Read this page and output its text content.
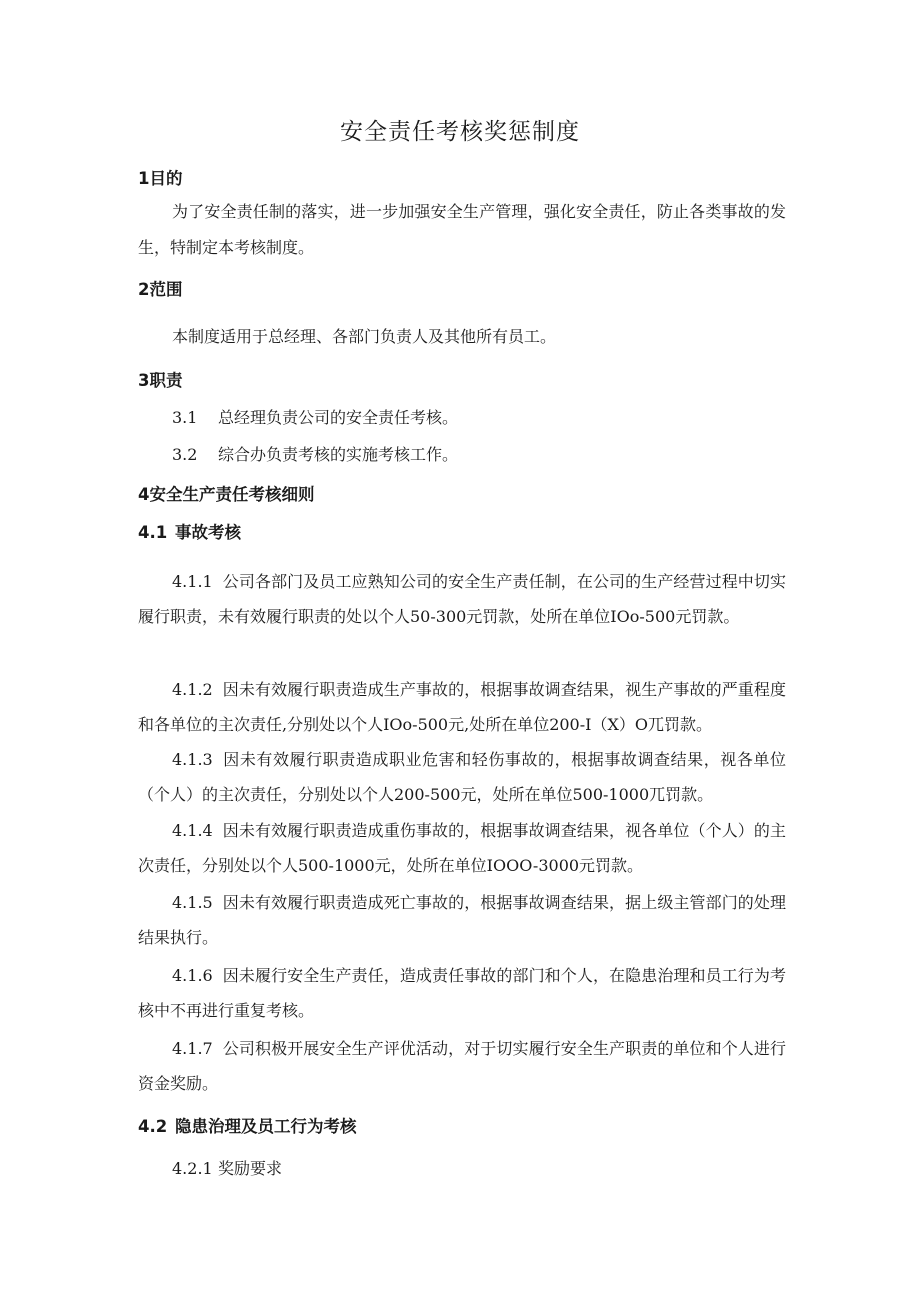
安全责任考核奖惩制度
1目的
为了安全责任制的落实，进一步加强安全生产管理，强化安全责任，防止各类事故的发生，特制定本考核制度。
2范围
本制度适用于总经理、各部门负责人及其他所有员工。
3职责
3.1 总经理负责公司的安全责任考核。
3.2 综合办负责考核的实施考核工作。
4安全生产责任考核细则
4.1 事故考核
4.1.1 公司各部门及员工应熟知公司的安全生产责任制，在公司的生产经营过程中切实履行职责，未有效履行职责的处以个人50-300元罚款，处所在单位IOo-500元罚款。
4.1.2 因未有效履行职责造成生产事故的，根据事故调查结果，视生产事故的严重程度和各单位的主次责任,分别处以个人IOo-500元,处所在单位200-I（X）O兀罚款。
4.1.3 因未有效履行职责造成职业危害和轻伤事故的，根据事故调查结果，视各单位（个人）的主次责任，分别处以个人200-500元，处所在单位500-1000兀罚款。
4.1.4 因未有效履行职责造成重伤事故的，根据事故调查结果，视各单位（个人）的主次责任，分别处以个人500-1000元，处所在单位IOOO-3000元罚款。
4.1.5 因未有效履行职责造成死亡事故的，根据事故调查结果，据上级主管部门的处理结果执行。
4.1.6 因未履行安全生产责任，造成责任事故的部门和个人，在隐患治理和员工行为考核中不再进行重复考核。
4.1.7 公司积极开展安全生产评优活动，对于切实履行安全生产职责的单位和个人进行资金奖励。
4.2 隐患治理及员工行为考核
4.2.1 奖励要求
